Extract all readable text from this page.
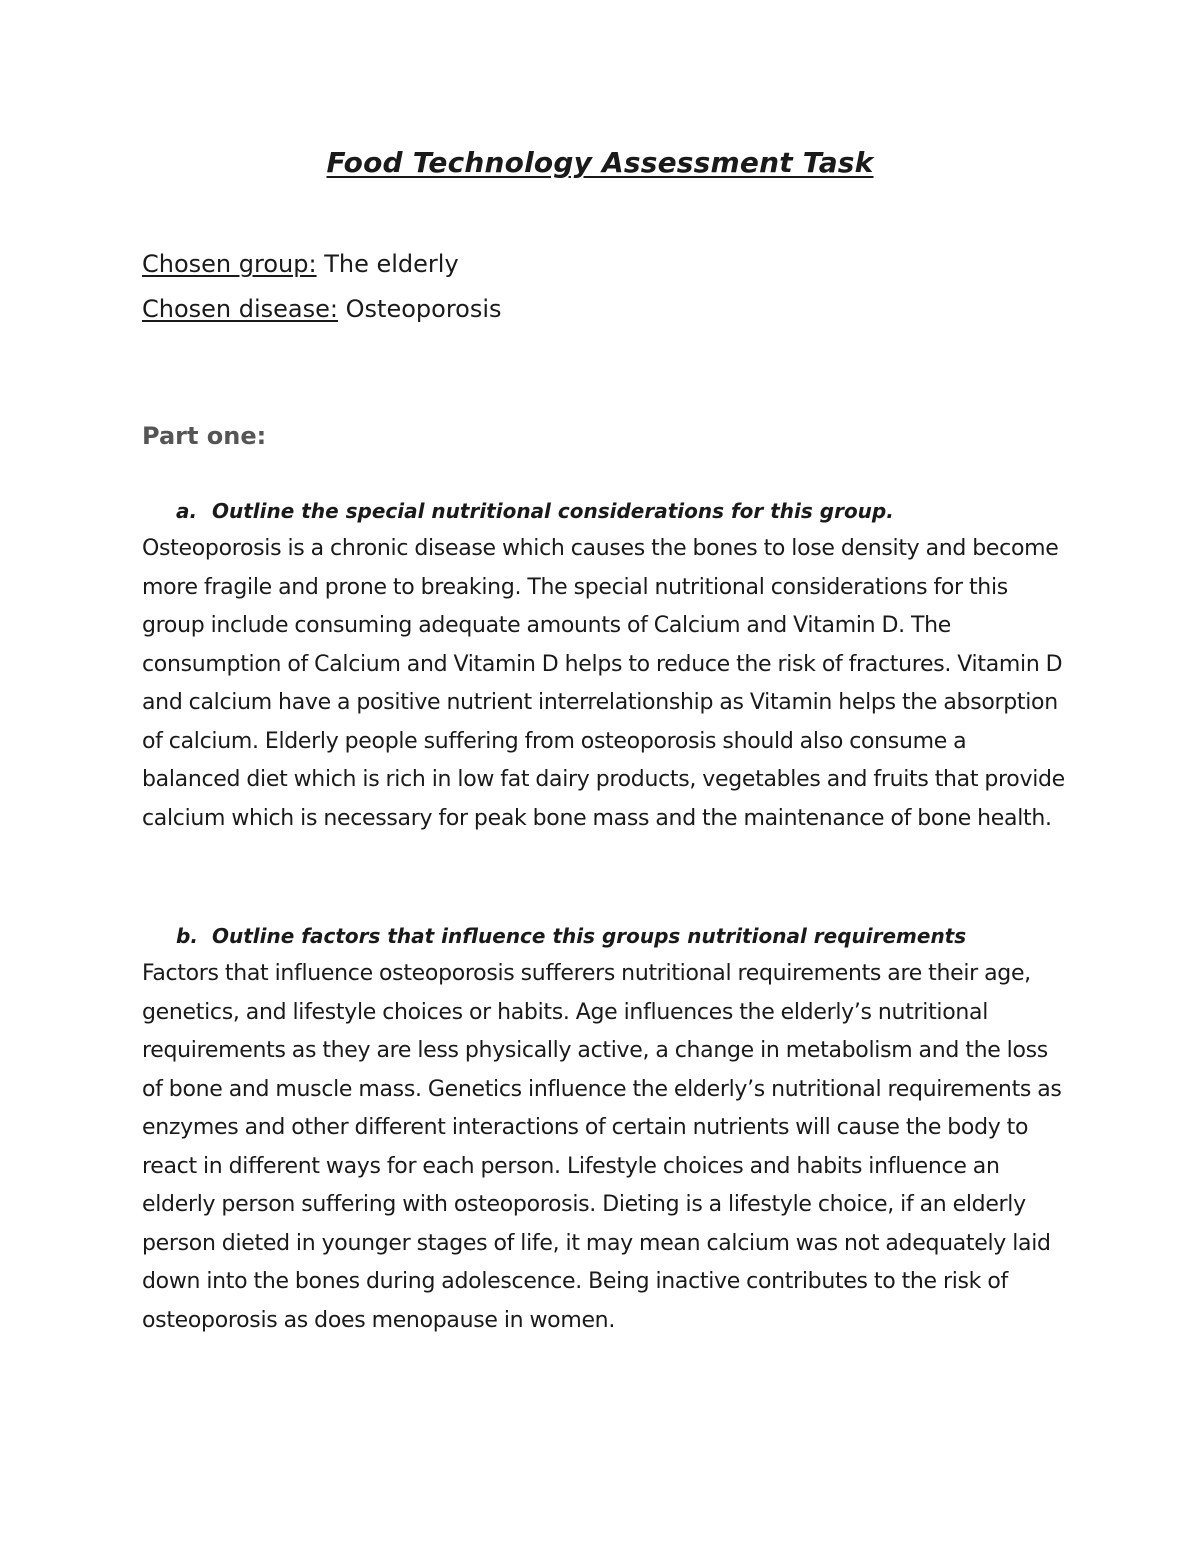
Food Technology Assessment Task

Chosen group: The elderly

Chosen disease: Osteoporosis

Part one:

a. Outline the special nutritional considerations for this group.

Osteoporosis is a chronic disease which causes the bones to lose density and become more fragile and prone to breaking. The special nutritional considerations for this group include consuming adequate amounts of Calcium and Vitamin D. The consumption of Calcium and Vitamin D helps to reduce the risk of fractures. Vitamin D and calcium have a positive nutrient interrelationship as Vitamin helps the absorption of calcium. Elderly people suffering from osteoporosis should also consume a balanced diet which is rich in low fat dairy products, vegetables and fruits that provide calcium which is necessary for peak bone mass and the maintenance of bone health.

b. Outline factors that influence this groups nutritional requirements

Factors that influence osteoporosis sufferers nutritional requirements are their age, genetics, and lifestyle choices or habits. Age influences the elderly’s nutritional requirements as they are less physically active, a change in metabolism and the loss of bone and muscle mass. Genetics influence the elderly’s nutritional requirements as enzymes and other different interactions of certain nutrients will cause the body to react in different ways for each person. Lifestyle choices and habits influence an elderly person suffering with osteoporosis. Dieting is a lifestyle choice, if an elderly person dieted in younger stages of life, it may mean calcium was not adequately laid down into the bones during adolescence. Being inactive contributes to the risk of osteoporosis as does menopause in women.
